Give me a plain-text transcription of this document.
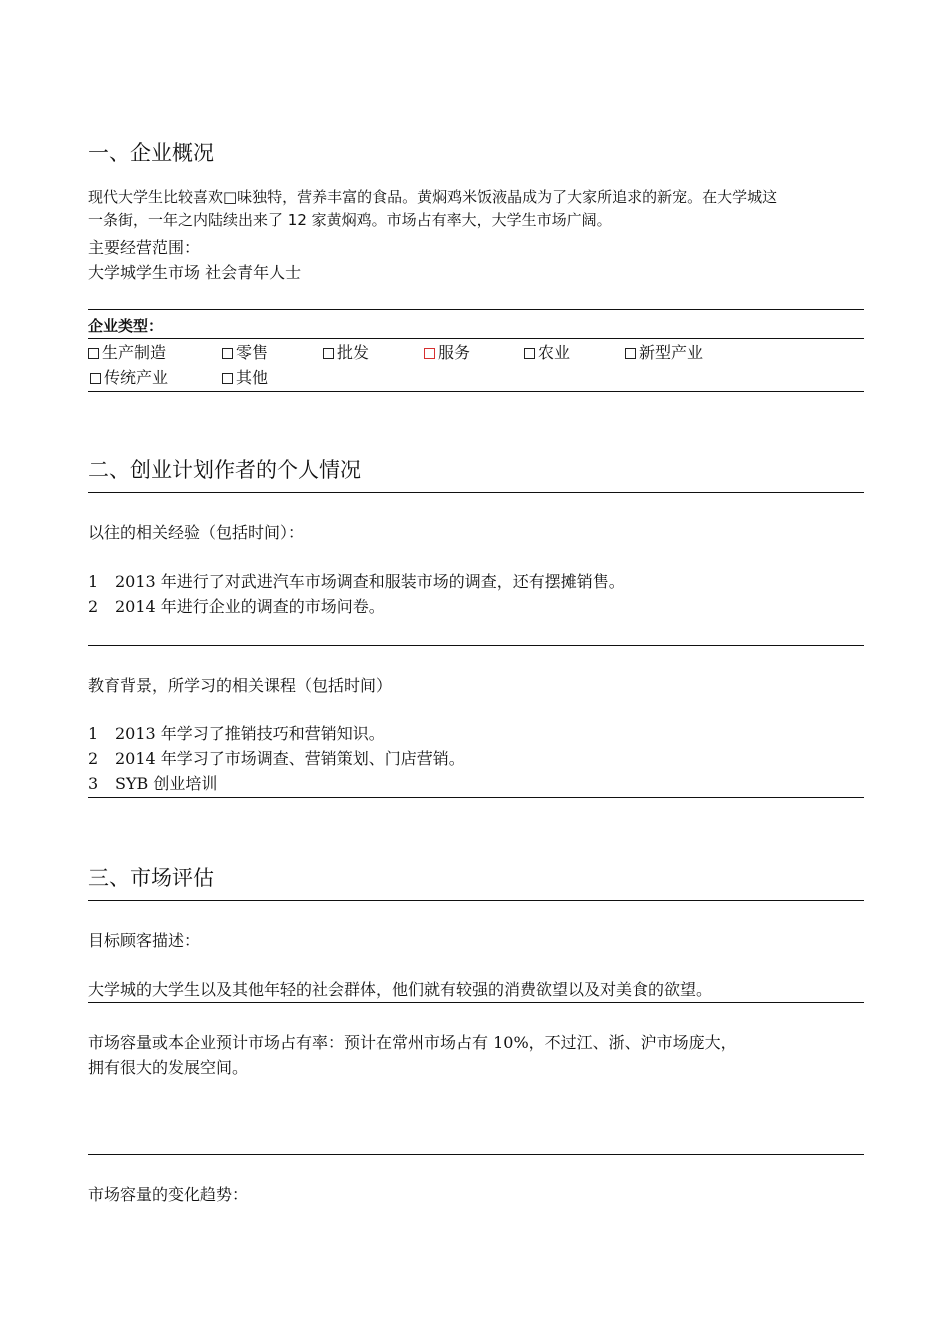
一、企业概况
现代大学生比较喜欢□味独特，营养丰富的食品。黄焖鸡米饭液晶成为了大家所追求的新宠。在大学城这
一条街，一年之内陆续出来了 12 家黄焖鸡。市场占有率大，大学生市场广阔。
主要经营范围：
大学城学生市场 社会青年人士
企业类型：
生产制造	零售	批发	服务	农业	新型产业
传统产业	其他
二、创业计划作者的个人情况
以往的相关经验（包括时间）：
1 2013 年进行了对武进汽车市场调查和服装市场的调查，还有摆摊销售。
2 2014 年进行企业的调查的市场问卷。
教育背景，所学习的相关课程（包括时间）
1 2013 年学习了推销技巧和营销知识。
2 2014 年学习了市场调查、营销策划、门店营销。
3 SYB 创业培训
三、市场评估
目标顾客描述：
大学城的大学生以及其他年轻的社会群体，他们就有较强的消费欲望以及对美食的欲望。
市场容量或本企业预计市场占有率：预计在常州市场占有 10%，不过江、浙、沪市场庞大，
拥有很大的发展空间。
市场容量的变化趋势：
